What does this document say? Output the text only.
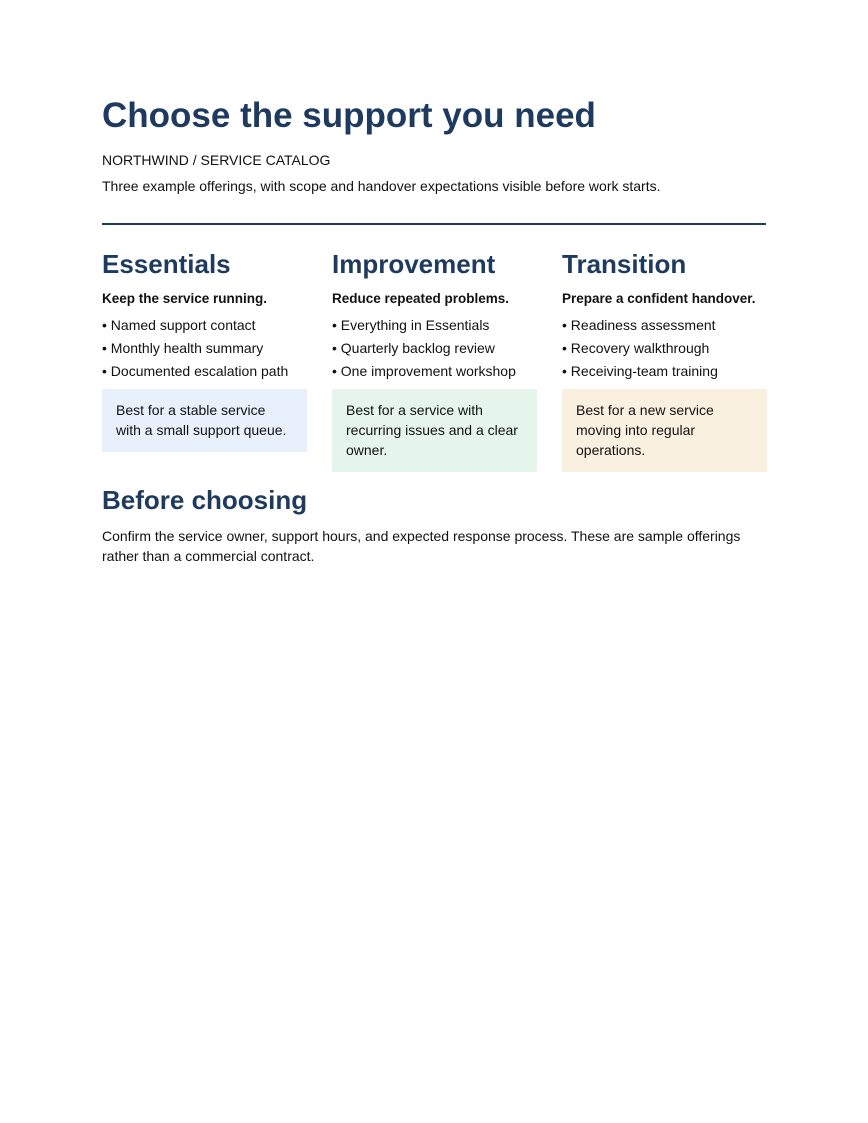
Choose the support you need
NORTHWIND / SERVICE CATALOG
Three example offerings, with scope and handover expectations visible before work starts.
Essentials
Keep the service running.
• Named support contact
• Monthly health summary
• Documented escalation path
Best for a stable service with a small support queue.
Improvement
Reduce repeated problems.
• Everything in Essentials
• Quarterly backlog review
• One improvement workshop
Best for a service with recurring issues and a clear owner.
Transition
Prepare a confident handover.
• Readiness assessment
• Recovery walkthrough
• Receiving-team training
Best for a new service moving into regular operations.
Before choosing
Confirm the service owner, support hours, and expected response process. These are sample offerings rather than a commercial contract.
